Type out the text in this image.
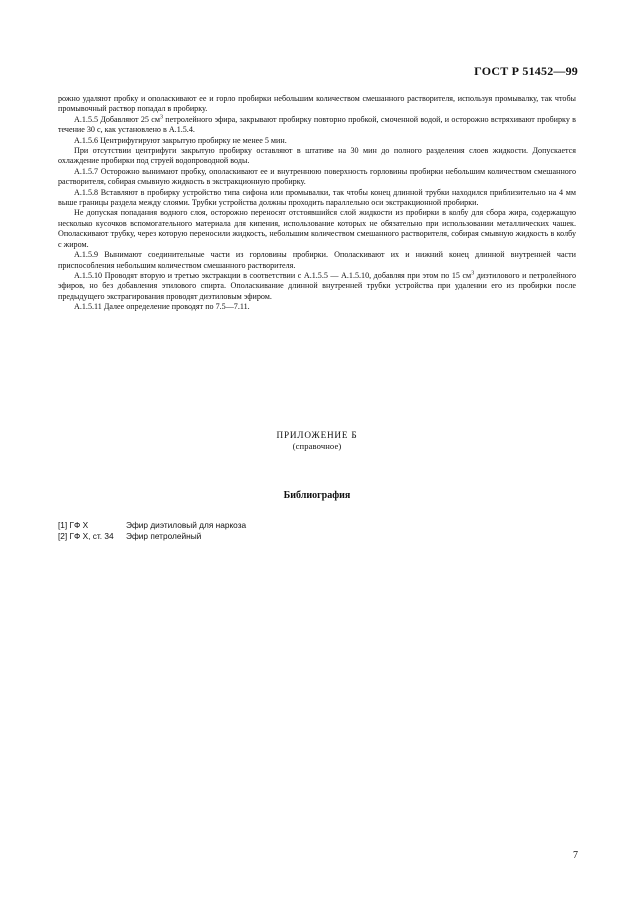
ГОСТ Р 51452—99

рожно удаляют пробку и ополаскивают ее и горло пробирки небольшим количеством смешанного растворителя, используя промывалку, так чтобы промывочный раствор попадал в пробирку.

А.1.5.5 Добавляют 25 $см^3$ петролейного эфира, закрывают пробирку повторно пробкой, смоченной водой, и осторожно встряхивают пробирку в течение 30 с, как установлено в А.1.5.4.

А.1.5.6 Центрифугируют закрытую пробирку не менее 5 мин.

При отсутствии центрифуги закрытую пробирку оставляют в штативе на 30 мин до полного разделения слоев жидкости. Допускается охлаждение пробирки под струей водопроводной воды.

А.1.5.7 Осторожно вынимают пробку, ополаскивают ее и внутреннюю поверхность горловины пробирки небольшим количеством смешанного растворителя, собирая смывную жидкость в экстракционную пробирку.

А.1.5.8 Вставляют в пробирку устройство типа сифона или промывалки, так чтобы конец длинной трубки находился приблизительно на 4 мм выше границы раздела между слоями. Трубки устройства должны проходить параллельно оси экстракционной пробирки.

Не допуская попадания водного слоя, осторожно переносят отстоявшийся слой жидкости из пробирки в колбу для сбора жира, содержащую несколько кусочков вспомогательного материала для кипения, использование которых не обязательно при использовании металлических чашек. Ополаскивают трубку, через которую переносили жидкость, небольшим количеством смешанного растворителя, собирая смывную жидкость в колбу с жиром.

А.1.5.9 Вынимают соединительные части из горловины пробирки. Ополаскивают их и нижний конец длинной внутренней части приспособления небольшим количеством смешанного растворителя.

А.1.5.10 Проводят вторую и третью экстракции в соответствии с А.1.5.5 — А.1.5.10, добавляя при этом по 15 $см^3$ диэтилового и петролейного эфиров, но без добавления этилового спирта. Ополаскивание длинной внутренней трубки устройства при удалении его из пробирки после предыдущего экстрагирования проводят диэтиловым эфиром.

А.1.5.11 Далее определение проводят по 7.5—7.11.

ПРИЛОЖЕНИЕ Б
(справочное)
Библиография
[1] ГФ X	Эфир диэтиловый для наркоза
[2] ГФ X, ст. 34	Эфир петролейный
7
